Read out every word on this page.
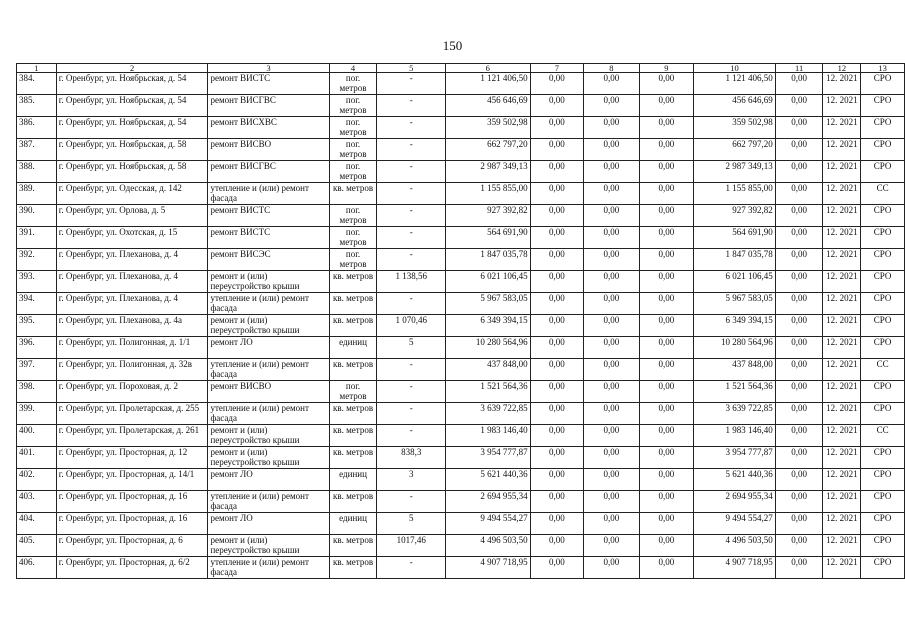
150
1	2	3	4	5	6	7	8	9	10	11	12	13
384.	г. Оренбург, ул. Ноябрьская, д. 54	ремонт ВИСТС	пог. метров	-	1 121 406,50	0,00	0,00	0,00	1 121 406,50	0,00	12. 2021	СРО
385.	г. Оренбург, ул. Ноябрьская, д. 54	ремонт ВИСГВС	пог. метров	-	456 646,69	0,00	0,00	0,00	456 646,69	0,00	12. 2021	СРО
386.	г. Оренбург, ул. Ноябрьская, д. 54	ремонт ВИСХВС	пог. метров	-	359 502,98	0,00	0,00	0,00	359 502,98	0,00	12. 2021	СРО
387.	г. Оренбург, ул. Ноябрьская, д. 58	ремонт ВИСВО	пог. метров	-	662 797,20	0,00	0,00	0,00	662 797,20	0,00	12. 2021	СРО
388.	г. Оренбург, ул. Ноябрьская, д. 58	ремонт ВИСГВС	пог. метров	-	2 987 349,13	0,00	0,00	0,00	2 987 349,13	0,00	12. 2021	СРО
389.	г. Оренбург, ул. Одесская, д. 142	утепление и (или) ремонт фасада	кв. метров	-	1 155 855,00	0,00	0,00	0,00	1 155 855,00	0,00	12. 2021	СС
390.	г. Оренбург, ул. Орлова, д. 5	ремонт ВИСТС	пог. метров	-	927 392,82	0,00	0,00	0,00	927 392,82	0,00	12. 2021	СРО
391.	г. Оренбург, ул. Охотская, д. 15	ремонт ВИСТС	пог. метров	-	564 691,90	0,00	0,00	0,00	564 691,90	0,00	12. 2021	СРО
392.	г. Оренбург, ул. Плеханова, д. 4	ремонт ВИСЭС	пог. метров	-	1 847 035,78	0,00	0,00	0,00	1 847 035,78	0,00	12. 2021	СРО
393.	г. Оренбург, ул. Плеханова, д. 4	ремонт и (или) переустройство крыши	кв. метров	1 138,56	6 021 106,45	0,00	0,00	0,00	6 021 106,45	0,00	12. 2021	СРО
394.	г. Оренбург, ул. Плеханова, д. 4	утепление и (или) ремонт фасада	кв. метров	-	5 967 583,05	0,00	0,00	0,00	5 967 583,05	0,00	12. 2021	СРО
395.	г. Оренбург, ул. Плеханова, д. 4а	ремонт и (или) переустройство крыши	кв. метров	1 070,46	6 349 394,15	0,00	0,00	0,00	6 349 394,15	0,00	12. 2021	СРО
396.	г. Оренбург, ул. Полигонная, д. 1/1	ремонт ЛО	единиц	5	10 280 564,96	0,00	0,00	0,00	10 280 564,96	0,00	12. 2021	СРО
397.	г. Оренбург, ул. Полигонная, д. 32в	утепление и (или) ремонт фасада	кв. метров	-	437 848,00	0,00	0,00	0,00	437 848,00	0,00	12. 2021	СС
398.	г. Оренбург, ул. Пороховая, д. 2	ремонт ВИСВО	пог. метров	-	1 521 564,36	0,00	0,00	0,00	1 521 564,36	0,00	12. 2021	СРО
399.	г. Оренбург, ул. Пролетарская, д. 255	утепление и (или) ремонт фасада	кв. метров	-	3 639 722,85	0,00	0,00	0,00	3 639 722,85	0,00	12. 2021	СРО
400.	г. Оренбург, ул. Пролетарская, д. 261	ремонт и (или) переустройство крыши	кв. метров	-	1 983 146,40	0,00	0,00	0,00	1 983 146,40	0,00	12. 2021	СС
401.	г. Оренбург, ул. Просторная, д. 12	ремонт и (или) переустройство крыши	кв. метров	838,3	3 954 777,87	0,00	0,00	0,00	3 954 777,87	0,00	12. 2021	СРО
402.	г. Оренбург, ул. Просторная, д. 14/1	ремонт ЛО	единиц	3	5 621 440,36	0,00	0,00	0,00	5 621 440,36	0,00	12. 2021	СРО
403.	г. Оренбург, ул. Просторная, д. 16	утепление и (или) ремонт фасада	кв. метров	-	2 694 955,34	0,00	0,00	0,00	2 694 955,34	0,00	12. 2021	СРО
404.	г. Оренбург, ул. Просторная, д. 16	ремонт ЛО	единиц	5	9 494 554,27	0,00	0,00	0,00	9 494 554,27	0,00	12. 2021	СРО
405.	г. Оренбург, ул. Просторная, д. 6	ремонт и (или) переустройство крыши	кв. метров	1017,46	4 496 503,50	0,00	0,00	0,00	4 496 503,50	0,00	12. 2021	СРО
406.	г. Оренбург, ул. Просторная, д. 6/2	утепление и (или) ремонт фасада	кв. метров	-	4 907 718,95	0,00	0,00	0,00	4 907 718,95	0,00	12. 2021	СРО
